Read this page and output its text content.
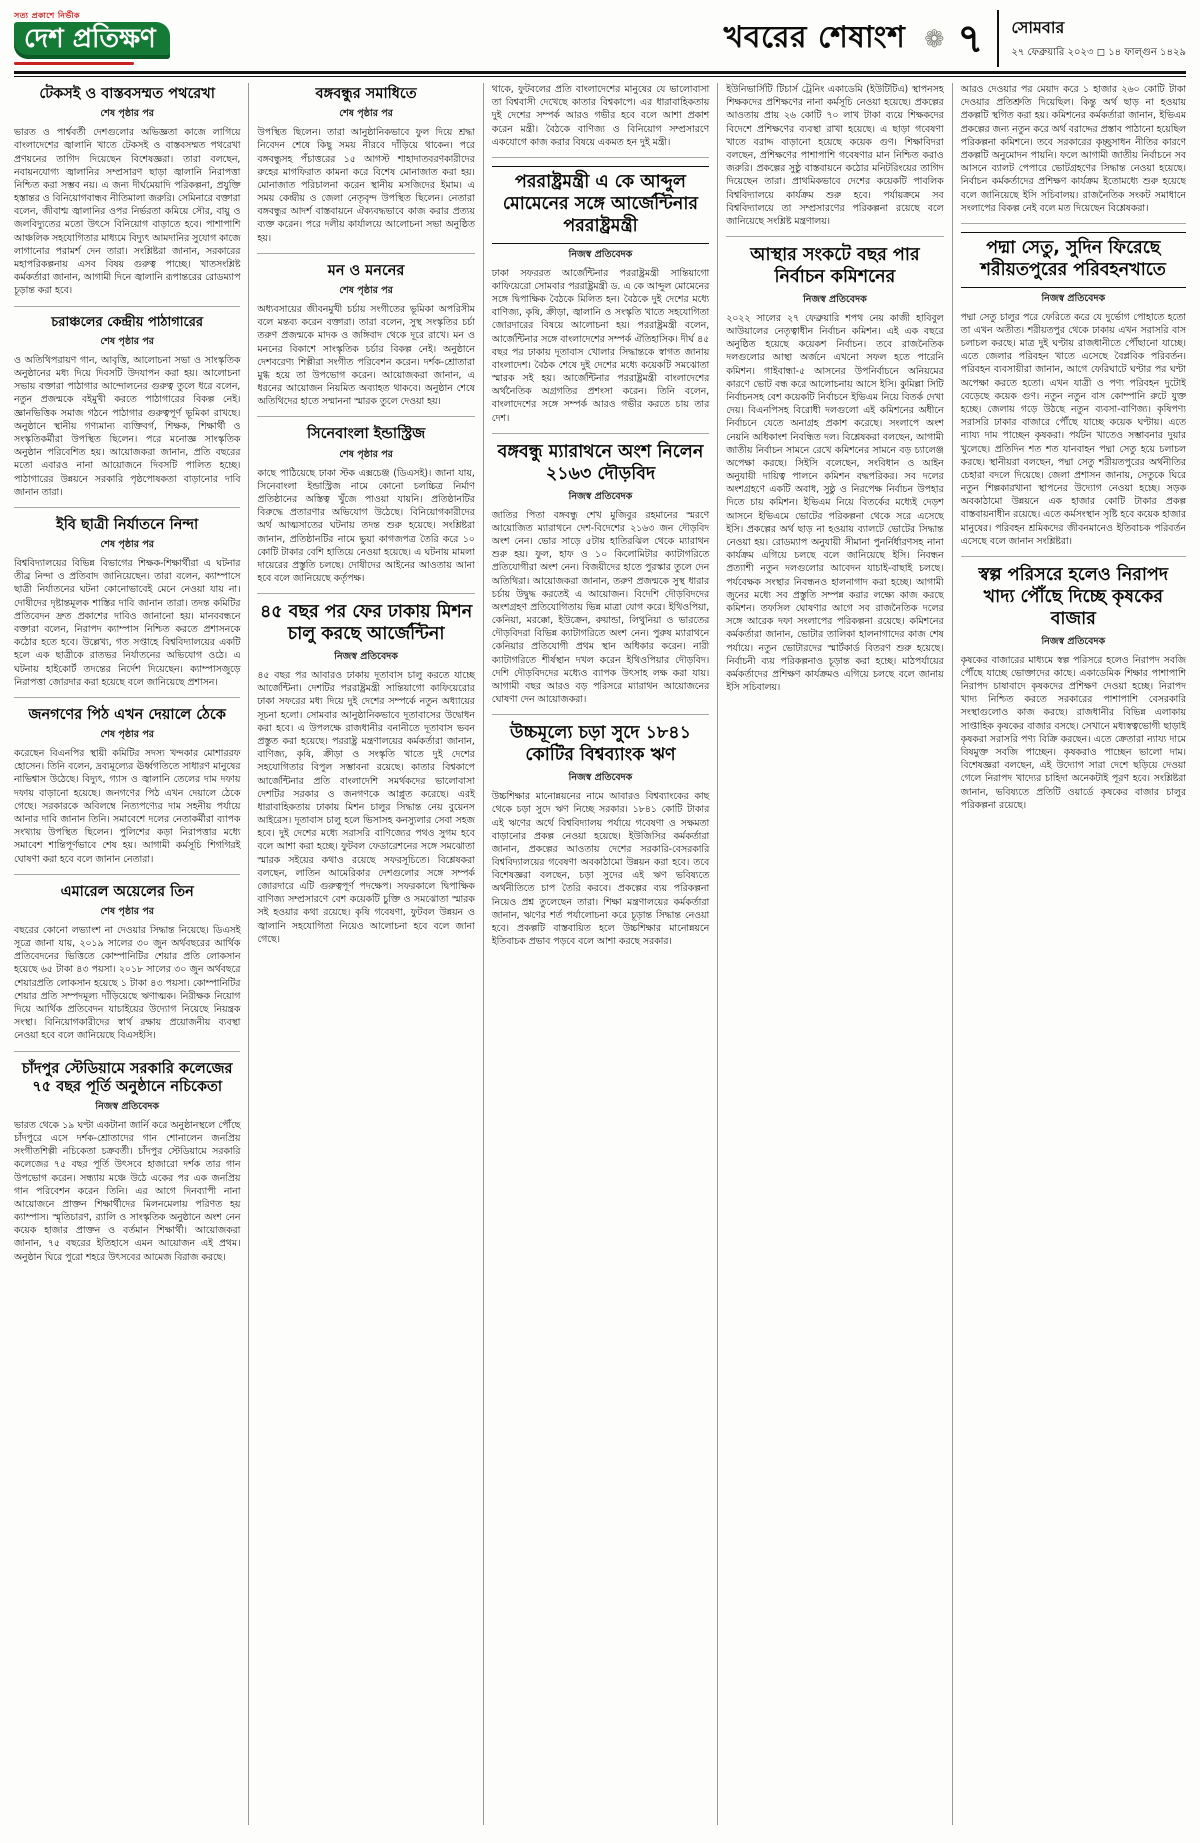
সত্য প্রকাশে নির্ভীক
দেশ প্রতিক্ষণ	খবরের শেষাংশ ❁ ৭ সোমবার
২৭ ফেব্রুয়ারি ২০২৩ ◻ ১৪ ফাল্গুন ১৪২৯
টেকসই ও বাস্তবসম্মত পথরেখা
শেষ পৃষ্ঠার পর

ভারত ও পার্শ্ববর্তী দেশগুলোর অভিজ্ঞতা কাজে লাগিয়ে বাংলাদেশের জ্বালানি খাতে টেকসই ও বাস্তবসম্মত পথরেখা প্রণয়নের তাগিদ দিয়েছেন বিশেষজ্ঞরা। তারা বলছেন, নবায়নযোগ্য জ্বালানির সম্প্রসারণ ছাড়া জ্বালানি নিরাপত্তা নিশ্চিত করা সম্ভব নয়। এ জন্য দীর্ঘমেয়াদি পরিকল্পনা, প্রযুক্তি হস্তান্তর ও বিনিয়োগবান্ধব নীতিমালা জরুরি। সেমিনারে বক্তারা বলেন, জীবাশ্ম জ্বালানির ওপর নির্ভরতা কমিয়ে সৌর, বায়ু ও জলবিদ্যুতের মতো উৎসে বিনিয়োগ বাড়াতে হবে। পাশাপাশি আঞ্চলিক সহযোগিতার মাধ্যমে বিদ্যুৎ আমদানির সুযোগ কাজে লাগানোর পরামর্শ দেন তারা। সংশ্লিষ্টরা জানান, সরকারের মহাপরিকল্পনায় এসব বিষয় গুরুত্ব পাচ্ছে। খাতসংশ্লিষ্ট কর্মকর্তারা জানান, আগামী দিনে জ্বালানি রূপান্তরের রোডম্যাপ চূড়ান্ত করা হবে।

চরাঞ্চলের কেন্দ্রীয় পাঠাগারের
শেষ পৃষ্ঠার পর

ও অতিথিপরায়ণ গান, আবৃত্তি, আলোচনা সভা ও সাংস্কৃতিক অনুষ্ঠানের মধ্য দিয়ে দিবসটি উদযাপন করা হয়। আলোচনা সভায় বক্তারা পাঠাগার আন্দোলনের গুরুত্ব তুলে ধরে বলেন, নতুন প্রজন্মকে বইমুখী করতে পাঠাগারের বিকল্প নেই। জ্ঞানভিত্তিক সমাজ গঠনে পাঠাগার গুরুত্বপূর্ণ ভূমিকা রাখছে। অনুষ্ঠানে স্থানীয় গণ্যমান্য ব্যক্তিবর্গ, শিক্ষক, শিক্ষার্থী ও সংস্কৃতিকর্মীরা উপস্থিত ছিলেন। পরে মনোজ্ঞ সাংস্কৃতিক অনুষ্ঠান পরিবেশিত হয়। আয়োজকরা জানান, প্রতি বছরের মতো এবারও নানা আয়োজনে দিবসটি পালিত হচ্ছে। পাঠাগারের উন্নয়নে সরকারি পৃষ্ঠপোষকতা বাড়ানোর দাবি জানান তারা।

ইবি ছাত্রী নির্যাতনে নিন্দা
শেষ পৃষ্ঠার পর

বিশ্ববিদ্যালয়ের বিভিন্ন বিভাগের শিক্ষক-শিক্ষার্থীরা এ ঘটনার তীব্র নিন্দা ও প্রতিবাদ জানিয়েছেন। তারা বলেন, ক্যাম্পাসে ছাত্রী নির্যাতনের ঘটনা কোনোভাবেই মেনে নেওয়া যায় না। দোষীদের দৃষ্টান্তমূলক শাস্তির দাবি জানান তারা। তদন্ত কমিটির প্রতিবেদন দ্রুত প্রকাশের দাবিও জানানো হয়। মানববন্ধনে বক্তারা বলেন, নিরাপদ ক্যাম্পাস নিশ্চিত করতে প্রশাসনকে কঠোর হতে হবে। উল্লেখ্য, গত সপ্তাহে বিশ্ববিদ্যালয়ের একটি হলে এক ছাত্রীকে রাতভর নির্যাতনের অভিযোগ ওঠে। এ ঘটনায় হাইকোর্ট তদন্তের নির্দেশ দিয়েছেন। ক্যাম্পাসজুড়ে নিরাপত্তা জোরদার করা হয়েছে বলে জানিয়েছে প্রশাসন।

জনগণের পিঠ এখন দেয়ালে ঠেকে
শেষ পৃষ্ঠার পর

করেছেন বিএনপির স্থায়ী কমিটির সদস্য খন্দকার মোশাররফ হোসেন। তিনি বলেন, দ্রব্যমূল্যের ঊর্ধ্বগতিতে সাধারণ মানুষের নাভিশ্বাস উঠেছে। বিদ্যুৎ, গ্যাস ও জ্বালানি তেলের দাম দফায় দফায় বাড়ানো হয়েছে। জনগণের পিঠ এখন দেয়ালে ঠেকে গেছে। সরকারকে অবিলম্বে নিত্যপণ্যের দাম সহনীয় পর্যায়ে আনার দাবি জানান তিনি। সমাবেশে দলের নেতাকর্মীরা ব্যাপক সংখ্যায় উপস্থিত ছিলেন। পুলিশের কড়া নিরাপত্তার মধ্যে সমাবেশ শান্তিপূর্ণভাবে শেষ হয়। আগামী কর্মসূচি শিগগিরই ঘোষণা করা হবে বলে জানান নেতারা।

এমারেল অয়েলের তিন
শেষ পৃষ্ঠার পর

বছরের কোনো লভ্যাংশ না দেওয়ার সিদ্ধান্ত নিয়েছে। ডিএসই সূত্রে জানা যায়, ২০১৯ সালের ৩০ জুন অর্থবছরের আর্থিক প্রতিবেদনের ভিত্তিতে কোম্পানিটির শেয়ার প্রতি লোকসান হয়েছে ৬৫ টাকা ৪৩ পয়সা। ২০১৮ সালের ৩০ জুন অর্থবছরে শেয়ারপ্রতি লোকসান হয়েছে ১ টাকা ৪৩ পয়সা। কোম্পানিটির শেয়ার প্রতি সম্পদমূল্য দাঁড়িয়েছে ঋণাত্মক। নিরীক্ষক নিয়োগ দিয়ে আর্থিক প্রতিবেদন যাচাইয়ের উদ্যোগ নিয়েছে নিয়ন্ত্রক সংস্থা। বিনিয়োগকারীদের স্বার্থ রক্ষায় প্রয়োজনীয় ব্যবস্থা নেওয়া হবে বলে জানিয়েছে বিএসইসি।

চাঁদপুর স্টেডিয়ামে সরকারি কলেজের ৭৫ বছর পূর্তি অনুষ্ঠানে নচিকেতা
নিজস্ব প্রতিবেদক

ভারত থেকে ১৯ ঘণ্টা একটানা জার্নি করে অনুষ্ঠানস্থলে পৌঁছে চাঁদপুরে এসে দর্শক-শ্রোতাদের গান শোনালেন জনপ্রিয় সংগীতশিল্পী নচিকেতা চক্রবর্তী। চাঁদপুর স্টেডিয়ামে সরকারি কলেজের ৭৫ বছর পূর্তি উৎসবে হাজারো দর্শক তার গান উপভোগ করেন। সন্ধ্যায় মঞ্চে উঠে একের পর এক জনপ্রিয় গান পরিবেশন করেন তিনি। এর আগে দিনব্যাপী নানা আয়োজনে প্রাক্তন শিক্ষার্থীদের মিলনমেলায় পরিণত হয় ক্যাম্পাস। স্মৃতিচারণ, র‍্যালি ও সাংস্কৃতিক অনুষ্ঠানে অংশ নেন কয়েক হাজার প্রাক্তন ও বর্তমান শিক্ষার্থী। আয়োজকরা জানান, ৭৫ বছরের ইতিহাসে এমন আয়োজন এই প্রথম। অনুষ্ঠান ঘিরে পুরো শহরে উৎসবের আমেজ বিরাজ করছে।

বঙ্গবন্ধুর সমাধিতে
শেষ পৃষ্ঠার পর

উপস্থিত ছিলেন। তারা আনুষ্ঠানিকভাবে ফুল দিয়ে শ্রদ্ধা নিবেদন শেষে কিছু সময় নীরবে দাঁড়িয়ে থাকেন। পরে বঙ্গবন্ধুসহ পঁচাত্তরের ১৫ আগস্ট শাহাদাতবরণকারীদের রুহের মাগফিরাত কামনা করে বিশেষ মোনাজাত করা হয়। মোনাজাত পরিচালনা করেন স্থানীয় মসজিদের ইমাম। এ সময় কেন্দ্রীয় ও জেলা নেতৃবৃন্দ উপস্থিত ছিলেন। নেতারা বঙ্গবন্ধুর আদর্শ বাস্তবায়নে ঐক্যবদ্ধভাবে কাজ করার প্রত্যয় ব্যক্ত করেন। পরে দলীয় কার্যালয়ে আলোচনা সভা অনুষ্ঠিত হয়।

মন ও মননের
শেষ পৃষ্ঠার পর

অধ্যবসায়ের জীবনমুখী চর্চায় সংগীতের ভূমিকা অপরিসীম বলে মন্তব্য করেন বক্তারা। তারা বলেন, সুস্থ সংস্কৃতির চর্চা তরুণ প্রজন্মকে মাদক ও জঙ্গিবাদ থেকে দূরে রাখে। মন ও মননের বিকাশে সাংস্কৃতিক চর্চার বিকল্প নেই। অনুষ্ঠানে দেশবরেণ্য শিল্পীরা সংগীত পরিবেশন করেন। দর্শক-শ্রোতারা মুগ্ধ হয়ে তা উপভোগ করেন। আয়োজকরা জানান, এ ধরনের আয়োজন নিয়মিত অব্যাহত থাকবে। অনুষ্ঠান শেষে অতিথিদের হাতে সম্মাননা স্মারক তুলে দেওয়া হয়।

সিনেবাংলা ইন্ডাস্ট্রিজ
শেষ পৃষ্ঠার পর

কাছে পাঠিয়েছে ঢাকা স্টক এক্সচেঞ্জ (ডিএসই)। জানা যায়, সিনেবাংলা ইন্ডাস্ট্রিজ নামে কোনো চলচ্চিত্র নির্মাণ প্রতিষ্ঠানের অস্তিত্ব খুঁজে পাওয়া যায়নি। প্রতিষ্ঠানটির বিরুদ্ধে প্রতারণার অভিযোগ উঠেছে। বিনিয়োগকারীদের অর্থ আত্মসাতের ঘটনায় তদন্ত শুরু হয়েছে। সংশ্লিষ্টরা জানান, প্রতিষ্ঠানটির নামে ভুয়া কাগজপত্র তৈরি করে ১০ কোটি টাকার বেশি হাতিয়ে নেওয়া হয়েছে। এ ঘটনায় মামলা দায়েরের প্রস্তুতি চলছে। দোষীদের আইনের আওতায় আনা হবে বলে জানিয়েছে কর্তৃপক্ষ।

৪৫ বছর পর ফের ঢাকায় মিশন চালু করছে আর্জেন্টিনা
নিজস্ব প্রতিবেদক

৪৫ বছর পর আবারও ঢাকায় দূতাবাস চালু করতে যাচ্ছে আর্জেন্টিনা। দেশটির পররাষ্ট্রমন্ত্রী সান্তিয়াগো কাফিয়েরোর ঢাকা সফরের মধ্য দিয়ে দুই দেশের সম্পর্কে নতুন অধ্যায়ের সূচনা হলো। সোমবার আনুষ্ঠানিকভাবে দূতাবাসের উদ্বোধন করা হবে। এ উপলক্ষে রাজধানীর বনানীতে দূতাবাস ভবন প্রস্তুত করা হয়েছে। পররাষ্ট্র মন্ত্রণালয়ের কর্মকর্তারা জানান, বাণিজ্য, কৃষি, ক্রীড়া ও সংস্কৃতি খাতে দুই দেশের সহযোগিতার বিপুল সম্ভাবনা রয়েছে। কাতার বিশ্বকাপে আর্জেন্টিনার প্রতি বাংলাদেশি সমর্থকদের ভালোবাসা দেশটির সরকার ও জনগণকে আপ্লুত করেছে। এরই ধারাবাহিকতায় ঢাকায় মিশন চালুর সিদ্ধান্ত নেয় বুয়েনস আইরেস। দূতাবাস চালু হলে ভিসাসহ কনস্যুলার সেবা সহজ হবে। দুই দেশের মধ্যে সরাসরি বাণিজ্যের পথও সুগম হবে বলে আশা করা হচ্ছে। ফুটবল ফেডারেশনের সঙ্গে সমঝোতা স্মারক সইয়ের কথাও রয়েছে সফরসূচিতে। বিশ্লেষকরা বলছেন, লাতিন আমেরিকার দেশগুলোর সঙ্গে সম্পর্ক জোরদারে এটি গুরুত্বপূর্ণ পদক্ষেপ। সফরকালে দ্বিপাক্ষিক বাণিজ্য সম্প্রসারণে বেশ কয়েকটি চুক্তি ও সমঝোতা স্মারক সই হওয়ার কথা রয়েছে। কৃষি গবেষণা, ফুটবল উন্নয়ন ও জ্বালানি সহযোগিতা নিয়েও আলোচনা হবে বলে জানা গেছে।

থাকে, ফুটবলের প্রতি বাংলাদেশের মানুষের যে ভালোবাসা তা বিশ্ববাসী দেখেছে কাতার বিশ্বকাপে। এর ধারাবাহিকতায় দুই দেশের সম্পর্ক আরও গভীর হবে বলে আশা প্রকাশ করেন মন্ত্রী। বৈঠকে বাণিজ্য ও বিনিয়োগ সম্প্রসারণে একযোগে কাজ করার বিষয়ে একমত হন দুই মন্ত্রী।

পররাষ্ট্রমন্ত্রী এ কে আব্দুল মোমেনের সঙ্গে আর্জেন্টিনার পররাষ্ট্রমন্ত্রী
নিজস্ব প্রতিবেদক

ঢাকা সফররত আর্জেন্টিনার পররাষ্ট্রমন্ত্রী সান্তিয়াগো কাফিয়েরো সোমবার পররাষ্ট্রমন্ত্রী ড. এ কে আব্দুল মোমেনের সঙ্গে দ্বিপাক্ষিক বৈঠকে মিলিত হন। বৈঠকে দুই দেশের মধ্যে বাণিজ্য, কৃষি, ক্রীড়া, জ্বালানি ও সংস্কৃতি খাতে সহযোগিতা জোরদারের বিষয়ে আলোচনা হয়। পররাষ্ট্রমন্ত্রী বলেন, আর্জেন্টিনার সঙ্গে বাংলাদেশের সম্পর্ক ঐতিহাসিক। দীর্ঘ ৪৫ বছর পর ঢাকায় দূতাবাস খোলার সিদ্ধান্তকে স্বাগত জানায় বাংলাদেশ। বৈঠক শেষে দুই দেশের মধ্যে কয়েকটি সমঝোতা স্মারক সই হয়। আর্জেন্টিনার পররাষ্ট্রমন্ত্রী বাংলাদেশের অর্থনৈতিক অগ্রগতির প্রশংসা করেন। তিনি বলেন, বাংলাদেশের সঙ্গে সম্পর্ক আরও গভীর করতে চায় তার দেশ।

বঙ্গবন্ধু ম্যারাথনে অংশ নিলেন ২১৬৩ দৌড়বিদ
নিজস্ব প্রতিবেদক

জাতির পিতা বঙ্গবন্ধু শেখ মুজিবুর রহমানের স্মরণে আয়োজিত ম্যারাথনে দেশ-বিদেশের ২১৬৩ জন দৌড়বিদ অংশ নেন। ভোর সাড়ে ৫টায় হাতিরঝিল থেকে ম্যারাথন শুরু হয়। ফুল, হাফ ও ১০ কিলোমিটার ক্যাটাগরিতে প্রতিযোগীরা অংশ নেন। বিজয়ীদের হাতে পুরস্কার তুলে দেন অতিথিরা। আয়োজকরা জানান, তরুণ প্রজন্মকে সুস্থ ধারার চর্চায় উদ্বুদ্ধ করতেই এ আয়োজন। বিদেশি দৌড়বিদদের অংশগ্রহণ প্রতিযোগিতায় ভিন্ন মাত্রা যোগ করে। ইথিওপিয়া, কেনিয়া, মরক্কো, ইউক্রেন, রুয়ান্ডা, লিথুনিয়া ও ভারতের দৌড়বিদরা বিভিন্ন ক্যাটাগরিতে অংশ নেন। পুরুষ ম্যারাথনে কেনিয়ার প্রতিযোগী প্রথম স্থান অধিকার করেন। নারী ক্যাটাগরিতে শীর্ষস্থান দখল করেন ইথিওপিয়ার দৌড়বিদ। দেশি দৌড়বিদদের মধ্যেও ব্যাপক উৎসাহ লক্ষ করা যায়। আগামী বছর আরও বড় পরিসরে ম্যারাথন আয়োজনের ঘোষণা দেন আয়োজকরা।

উচ্চমূল্যে চড়া সুদে ১৮৪১ কোটির বিশ্বব্যাংক ঋণ
নিজস্ব প্রতিবেদক

উচ্চশিক্ষার মানোন্নয়নের নামে আবারও বিশ্বব্যাংকের কাছ থেকে চড়া সুদে ঋণ নিচ্ছে সরকার। ১৮৪১ কোটি টাকার এই ঋণের অর্থে বিশ্ববিদ্যালয় পর্যায়ে গবেষণা ও সক্ষমতা বাড়ানোর প্রকল্প নেওয়া হয়েছে। ইউজিসির কর্মকর্তারা জানান, প্রকল্পের আওতায় দেশের সরকারি-বেসরকারি বিশ্ববিদ্যালয়ের গবেষণা অবকাঠামো উন্নয়ন করা হবে। তবে বিশেষজ্ঞরা বলছেন, চড়া সুদের এই ঋণ ভবিষ্যতে অর্থনীতিতে চাপ তৈরি করবে। প্রকল্পের ব্যয় পরিকল্পনা নিয়েও প্রশ্ন তুলেছেন তারা। শিক্ষা মন্ত্রণালয়ের কর্মকর্তারা জানান, ঋণের শর্ত পর্যালোচনা করে চূড়ান্ত সিদ্ধান্ত নেওয়া হবে। প্রকল্পটি বাস্তবায়িত হলে উচ্চশিক্ষার মানোন্নয়নে ইতিবাচক প্রভাব পড়বে বলে আশা করছে সরকার।

ইউনিভার্সিটি টিচার্স ট্রেনিং একাডেমি (ইউটিটিএ) স্থাপনসহ শিক্ষকদের প্রশিক্ষণের নানা কর্মসূচি নেওয়া হয়েছে। প্রকল্পের আওতায় প্রায় ২৬ কোটি ৭০ লাখ টাকা ব্যয়ে শিক্ষকদের বিদেশে প্রশিক্ষণের ব্যবস্থা রাখা হয়েছে। এ ছাড়া গবেষণা খাতে বরাদ্দ বাড়ানো হয়েছে কয়েক গুণ। শিক্ষাবিদরা বলছেন, প্রশিক্ষণের পাশাপাশি গবেষণার মান নিশ্চিত করাও জরুরি। প্রকল্পের সুষ্ঠু বাস্তবায়নে কঠোর মনিটরিংয়ের তাগিদ দিয়েছেন তারা। প্রাথমিকভাবে দেশের কয়েকটি পাবলিক বিশ্ববিদ্যালয়ে কার্যক্রম শুরু হবে। পর্যায়ক্রমে সব বিশ্ববিদ্যালয়ে তা সম্প্রসারণের পরিকল্পনা রয়েছে বলে জানিয়েছে সংশ্লিষ্ট মন্ত্রণালয়।

আস্থার সংকটে বছর পার নির্বাচন কমিশনের
নিজস্ব প্রতিবেদক

২০২২ সালের ২৭ ফেব্রুয়ারি শপথ নেয় কাজী হাবিবুল আউয়ালের নেতৃত্বাধীন নির্বাচন কমিশন। এই এক বছরে অনুষ্ঠিত হয়েছে কয়েকশ নির্বাচন। তবে রাজনৈতিক দলগুলোর আস্থা অর্জনে এখনো সফল হতে পারেনি কমিশন। গাইবান্ধা-৫ আসনের উপনির্বাচনে অনিয়মের কারণে ভোট বন্ধ করে আলোচনায় আসে ইসি। কুমিল্লা সিটি নির্বাচনসহ বেশ কয়েকটি নির্বাচনে ইভিএম নিয়ে বিতর্ক দেখা দেয়। বিএনপিসহ বিরোধী দলগুলো এই কমিশনের অধীনে নির্বাচনে যেতে অনাগ্রহ প্রকাশ করেছে। সংলাপে অংশ নেয়নি অধিকাংশ নিবন্ধিত দল। বিশ্লেষকরা বলছেন, আগামী জাতীয় নির্বাচন সামনে রেখে কমিশনের সামনে বড় চ্যালেঞ্জ অপেক্ষা করছে। সিইসি বলেছেন, সংবিধান ও আইন অনুযায়ী দায়িত্ব পালনে কমিশন বদ্ধপরিকর। সব দলের অংশগ্রহণে একটি অবাধ, সুষ্ঠু ও নিরপেক্ষ নির্বাচন উপহার দিতে চায় কমিশন। ইভিএম নিয়ে বিতর্কের মধ্যেই দেড়শ আসনে ইভিএমে ভোটের পরিকল্পনা থেকে সরে এসেছে ইসি। প্রকল্পের অর্থ ছাড় না হওয়ায় ব্যালটে ভোটের সিদ্ধান্ত নেওয়া হয়। রোডম্যাপ অনুযায়ী সীমানা পুনর্নির্ধারণসহ নানা কার্যক্রম এগিয়ে চলছে বলে জানিয়েছে ইসি। নিবন্ধন প্রত্যাশী নতুন দলগুলোর আবেদন যাচাই-বাছাই চলছে। পর্যবেক্ষক সংস্থার নিবন্ধনও হালনাগাদ করা হচ্ছে। আগামী জুনের মধ্যে সব প্রস্তুতি সম্পন্ন করার লক্ষ্যে কাজ করছে কমিশন। তফসিল ঘোষণার আগে সব রাজনৈতিক দলের সঙ্গে আরেক দফা সংলাপের পরিকল্পনা রয়েছে। কমিশনের কর্মকর্তারা জানান, ভোটার তালিকা হালনাগাদের কাজ শেষ পর্যায়ে। নতুন ভোটারদের স্মার্টকার্ড বিতরণ শুরু হয়েছে। নির্বাচনী ব্যয় পরিকল্পনাও চূড়ান্ত করা হচ্ছে। মাঠপর্যায়ের কর্মকর্তাদের প্রশিক্ষণ কার্যক্রমও এগিয়ে চলছে বলে জানায় ইসি সচিবালয়।

আরও দেওয়ার পর মেয়াদ করে ১ হাজার ২৬০ কোটি টাকা দেওয়ার প্রতিশ্রুতি দিয়েছিল। কিন্তু অর্থ ছাড় না হওয়ায় প্রকল্পটি স্থগিত করা হয়। কমিশনের কর্মকর্তারা জানান, ইভিএম প্রকল্পের জন্য নতুন করে অর্থ বরাদ্দের প্রস্তাব পাঠানো হয়েছিল পরিকল্পনা কমিশনে। তবে সরকারের কৃচ্ছ্রসাধন নীতির কারণে প্রকল্পটি অনুমোদন পায়নি। ফলে আগামী জাতীয় নির্বাচনে সব আসনে ব্যালট পেপারে ভোটগ্রহণের সিদ্ধান্ত নেওয়া হয়েছে। নির্বাচন কর্মকর্তাদের প্রশিক্ষণ কার্যক্রম ইতোমধ্যে শুরু হয়েছে বলে জানিয়েছে ইসি সচিবালয়। রাজনৈতিক সংকট সমাধানে সংলাপের বিকল্প নেই বলে মত দিয়েছেন বিশ্লেষকরা।

পদ্মা সেতু, সুদিন ফিরেছে শরীয়তপুরের পরিবহনখাতে
নিজস্ব প্রতিবেদক

পদ্মা সেতু চালুর পরে ফেরিতে করে যে দুর্ভোগ পোহাতে হতো তা এখন অতীত। শরীয়তপুর থেকে ঢাকায় এখন সরাসরি বাস চলাচল করছে। মাত্র দুই ঘণ্টায় রাজধানীতে পৌঁছানো যাচ্ছে। এতে জেলার পরিবহন খাতে এসেছে বৈপ্লবিক পরিবর্তন। পরিবহন ব্যবসায়ীরা জানান, আগে ফেরিঘাটে ঘণ্টার পর ঘণ্টা অপেক্ষা করতে হতো। এখন যাত্রী ও পণ্য পরিবহন দুটোই বেড়েছে কয়েক গুণ। নতুন নতুন বাস কোম্পানি রুটে যুক্ত হচ্ছে। জেলায় গড়ে উঠছে নতুন ব্যবসা-বাণিজ্য। কৃষিপণ্য সরাসরি ঢাকার বাজারে পৌঁছে যাচ্ছে কয়েক ঘণ্টায়। এতে ন্যায্য দাম পাচ্ছেন কৃষকরা। পর্যটন খাতেও সম্ভাবনার দুয়ার খুলেছে। প্রতিদিন শত শত যানবাহন পদ্মা সেতু হয়ে চলাচল করছে। স্থানীয়রা বলছেন, পদ্মা সেতু শরীয়তপুরের অর্থনীতির চেহারা বদলে দিয়েছে। জেলা প্রশাসন জানায়, সেতুকে ঘিরে নতুন শিল্পকারখানা স্থাপনের উদ্যোগ নেওয়া হচ্ছে। সড়ক অবকাঠামো উন্নয়নে এক হাজার কোটি টাকার প্রকল্প বাস্তবায়নাধীন রয়েছে। এতে কর্মসংস্থান সৃষ্টি হবে কয়েক হাজার মানুষের। পরিবহন শ্রমিকদের জীবনমানেও ইতিবাচক পরিবর্তন এসেছে বলে জানান সংশ্লিষ্টরা।

স্বল্প পরিসরে হলেও নিরাপদ খাদ্য পৌঁছে দিচ্ছে কৃষকের বাজার
নিজস্ব প্রতিবেদক

কৃষকের বাজারের মাধ্যমে স্বল্প পরিসরে হলেও নিরাপদ সবজি পৌঁছে যাচ্ছে ভোক্তাদের কাছে। একাডেমিক শিক্ষার পাশাপাশি নিরাপদ চাষাবাদে কৃষকদের প্রশিক্ষণ দেওয়া হচ্ছে। নিরাপদ খাদ্য নিশ্চিত করতে সরকারের পাশাপাশি বেসরকারি সংস্থাগুলোও কাজ করছে। রাজধানীর বিভিন্ন এলাকায় সাপ্তাহিক কৃষকের বাজার বসছে। সেখানে মধ্যস্বত্বভোগী ছাড়াই কৃষকরা সরাসরি পণ্য বিক্রি করছেন। এতে ক্রেতারা ন্যায্য দামে বিষমুক্ত সবজি পাচ্ছেন। কৃষকরাও পাচ্ছেন ভালো দাম। বিশেষজ্ঞরা বলছেন, এই উদ্যোগ সারা দেশে ছড়িয়ে দেওয়া গেলে নিরাপদ খাদ্যের চাহিদা অনেকটাই পূরণ হবে। সংশ্লিষ্টরা জানান, ভবিষ্যতে প্রতিটি ওয়ার্ডে কৃষকের বাজার চালুর পরিকল্পনা রয়েছে।
